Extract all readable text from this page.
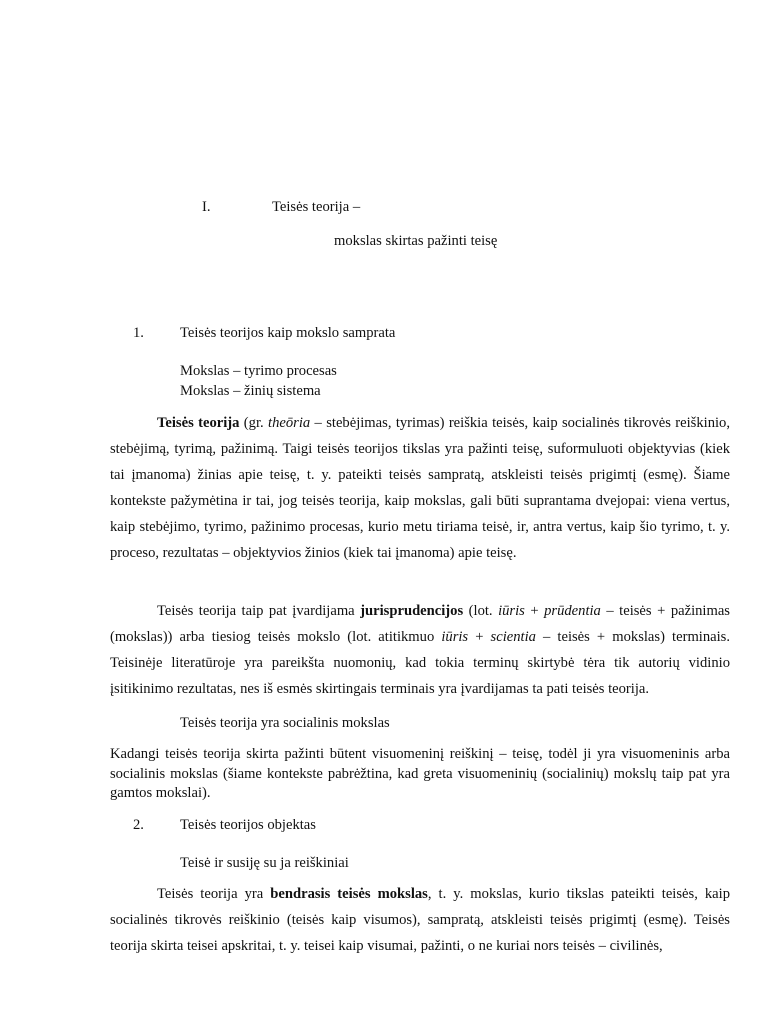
I.	Teisės teorija –
mokslas skirtas pažinti teisę
1. Teisės teorijos kaip mokslo samprata
Mokslas – tyrimo procesas
Mokslas – žinių sistema

Teisės teorija (gr. theōria – stebėjimas, tyrimas) reiškia teisės, kaip socialinės tikrovės reiškinio, stebėjimą, tyrimą, pažinimą. Taigi teisės teorijos tikslas yra pažinti teisę, suformuluoti objektyvias (kiek tai įmanoma) žinias apie teisę, t. y. pateikti teisės sampratą, atskleisti teisės prigimtį (esmę). Šiame kontekste pažymėtina ir tai, jog teisės teorija, kaip mokslas, gali būti suprantama dvejopai: viena vertus, kaip stebėjimo, tyrimo, pažinimo procesas, kurio metu tiriama teisė, ir, antra vertus, kaip šio tyrimo, t. y. proceso, rezultatas – objektyvios žinios (kiek tai įmanoma) apie teisę.

Teisės teorija taip pat įvardijama jurisprudencijos (lot. iūris + prūdentia – teisės + pažinimas (mokslas)) arba tiesiog teisės mokslo (lot. atitikmuo iūris + scientia – teisės + mokslas) terminais. Teisinėje literatūroje yra pareikšta nuomonių, kad tokia terminų skirtybė tėra tik autorių vidinio įsitikinimo rezultatas, nes iš esmės skirtingais terminais yra įvardijamas ta pati teisės teorija.

Teisės teorija yra socialinis mokslas

Kadangi teisės teorija skirta pažinti būtent visuomeninį reiškinį – teisę, todėl ji yra visuomeninis arba socialinis mokslas (šiame kontekste pabrėžtina, kad greta visuomeninių (socialinių) mokslų taip pat yra gamtos mokslai).

2. Teisės teorijos objektas
Teisė ir susiję su ja reiškiniai

Teisės teorija yra bendrasis teisės mokslas, t. y. mokslas, kurio tikslas pateikti teisės, kaip socialinės tikrovės reiškinio (teisės kaip visumos), sampratą, atskleisti teisės prigimtį (esmę). Teisės teorija skirta teisei apskritai, t. y. teisei kaip visumai, pažinti, o ne kuriai nors teisės – civilinės,
